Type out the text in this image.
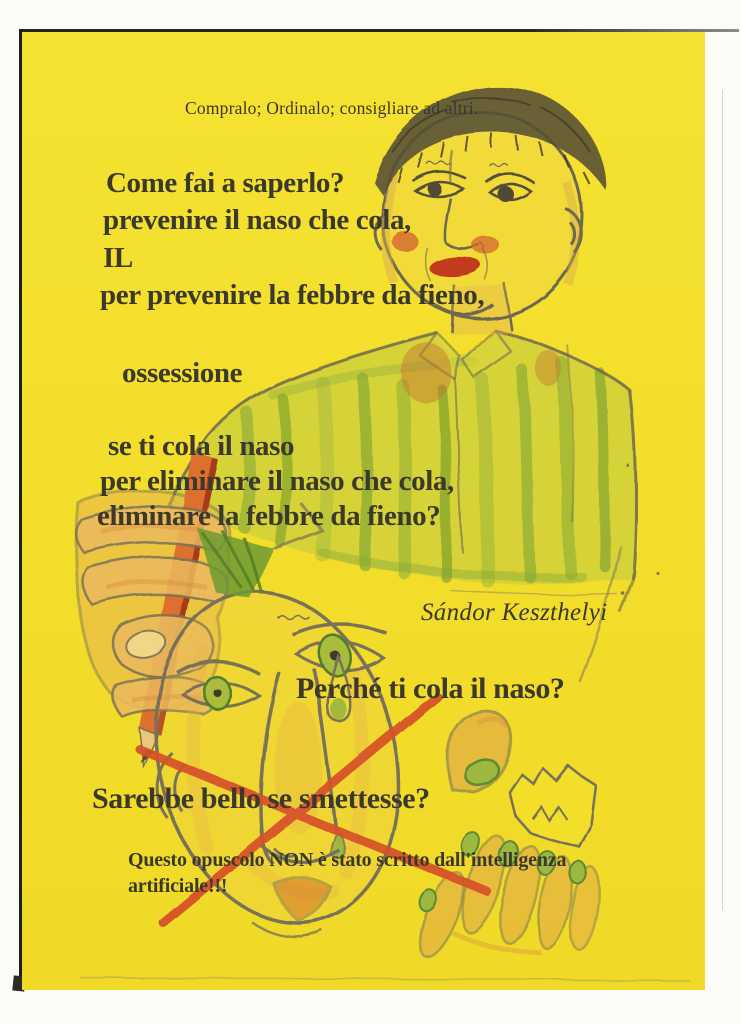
Compralo; Ordinalo; consigliare ad altri.
Come fai a saperlo?
prevenire il naso che cola,
IL
per prevenire la febbre da fieno,
ossessione
se ti cola il naso
per eliminare il naso che cola,
eliminare la febbre da fieno?
Sándor Keszthelyi
Perché ti cola il naso?
Sarebbe bello se smettesse?
Questo opuscolo NON è stato scritto dall'intelligenza
artificiale!!!
